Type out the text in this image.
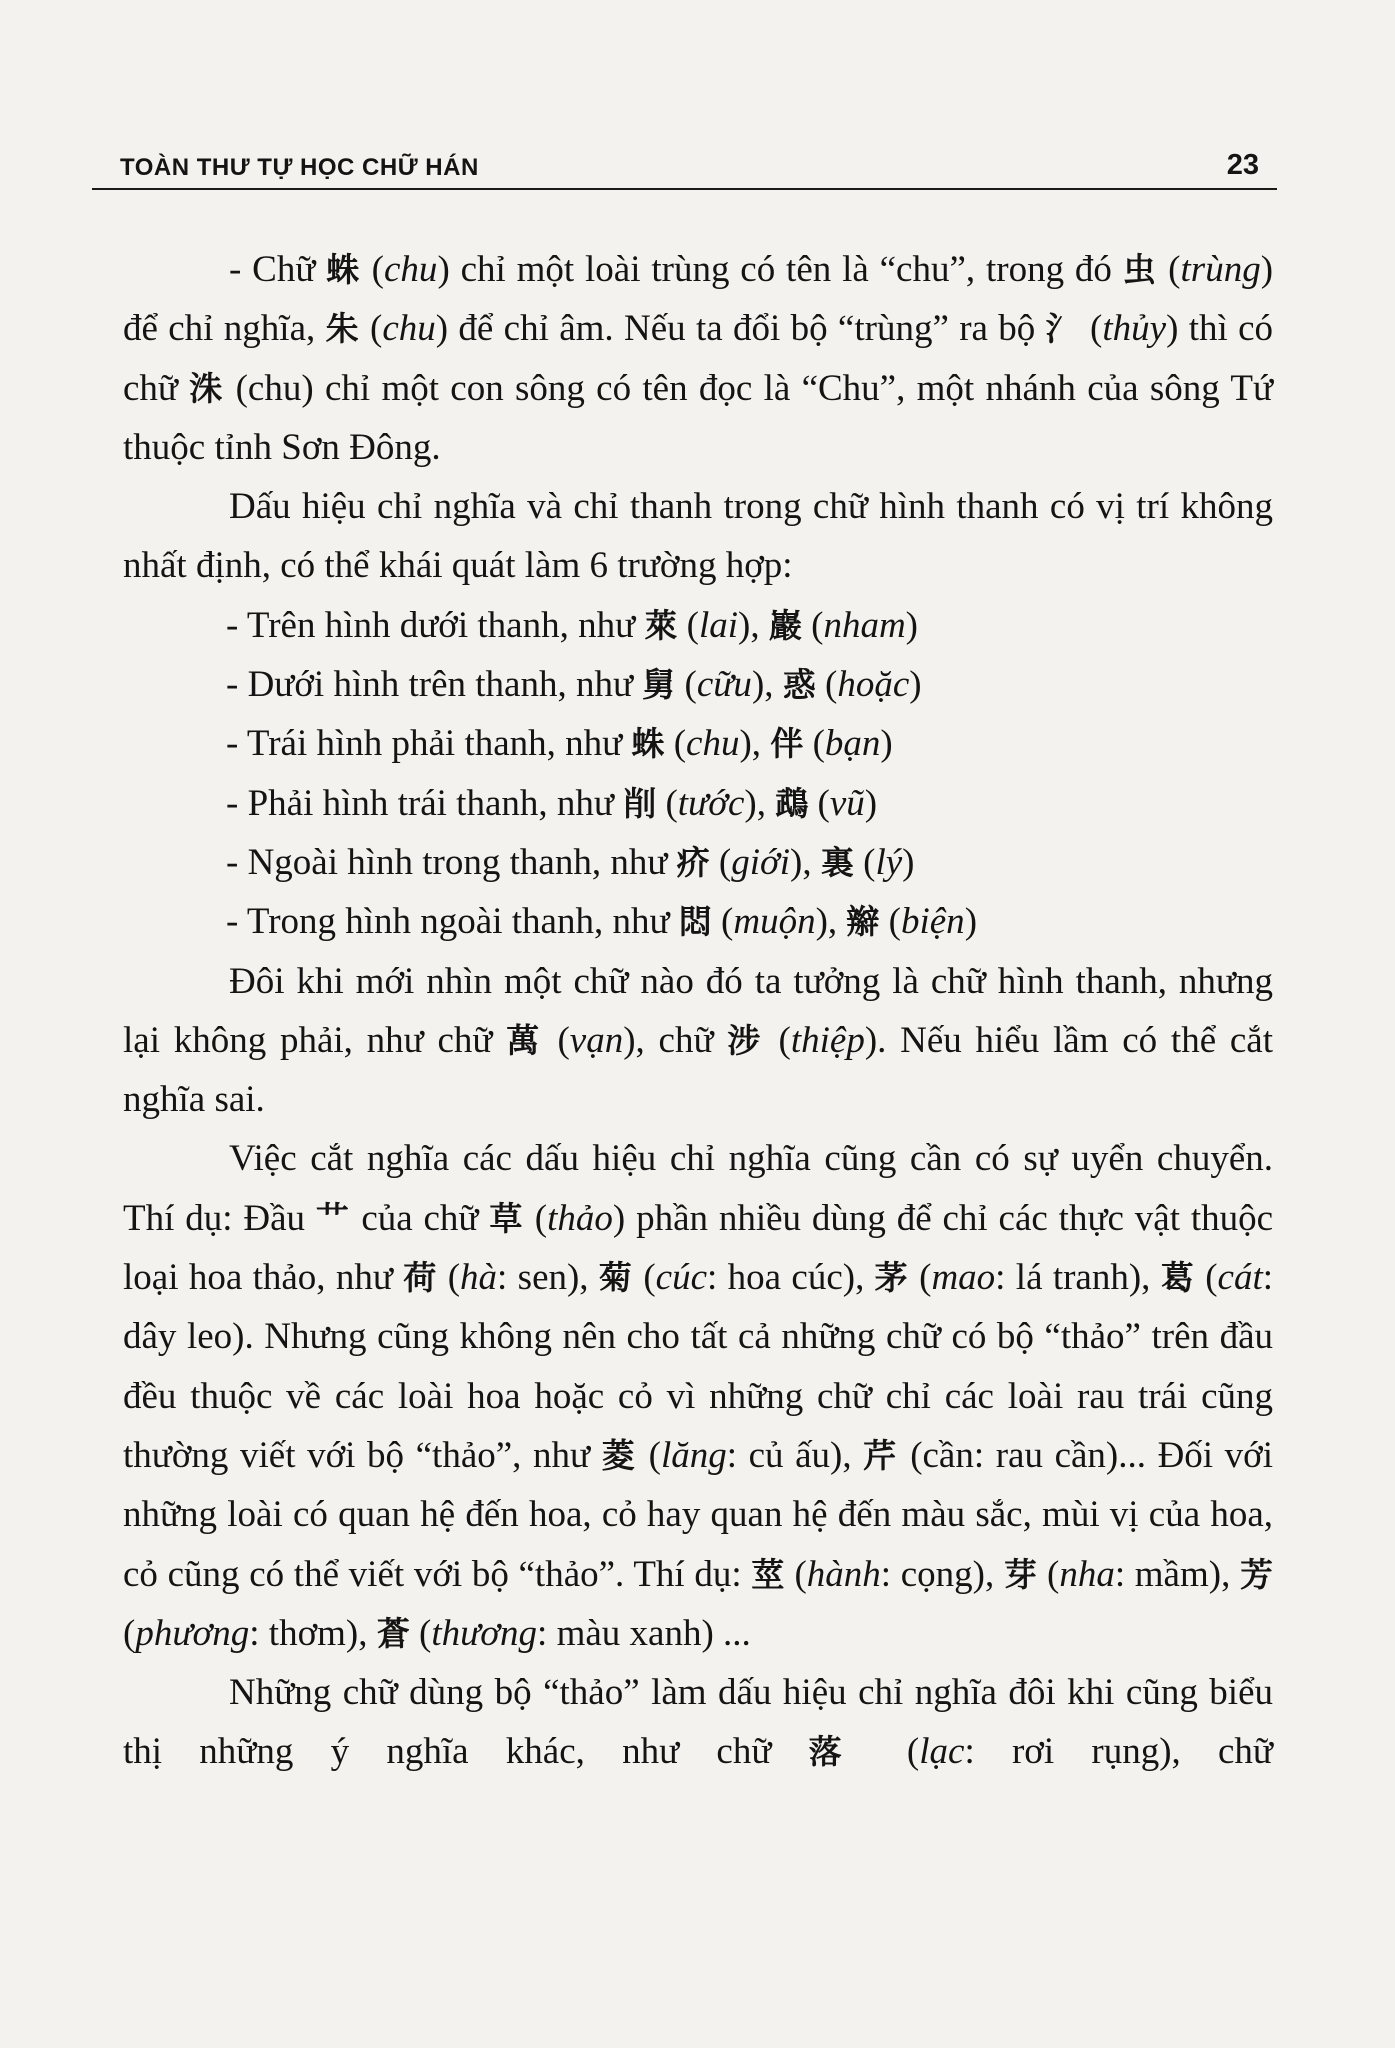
TOÀN THƯ TỰ HỌC CHỮ HÁN	23

- Chữ 蛛 (chu) chỉ một loài trùng có tên là “chu”, trong đó 虫 (trùng) để chỉ nghĩa, 朱 (chu) để chỉ âm. Nếu ta đổi bộ “trùng” ra bộ 氵 (thủy) thì có chữ 洙 (chu) chỉ một con sông có tên đọc là “Chu”, một nhánh của sông Tứ thuộc tỉnh Sơn Đông.

Dấu hiệu chỉ nghĩa và chỉ thanh trong chữ hình thanh có vị trí không nhất định, có thể khái quát làm 6 trường hợp:

- Trên hình dưới thanh, như 萊 (lai), 巖 (nham)

- Dưới hình trên thanh, như 舅 (cữu), 惑 (hoặc)

- Trái hình phải thanh, như 蛛 (chu), 伴 (bạn)

- Phải hình trái thanh, như 削 (tước), 鵡 (vũ)

- Ngoài hình trong thanh, như 疥 (giới), 裏 (lý)

- Trong hình ngoài thanh, như 悶 (muộn), 辮 (biện)

Đôi khi mới nhìn một chữ nào đó ta tưởng là chữ hình thanh, nhưng lại không phải, như chữ 萬 (vạn), chữ 涉 (thiệp). Nếu hiểu lầm có thể cắt nghĩa sai.

Việc cắt nghĩa các dấu hiệu chỉ nghĩa cũng cần có sự uyển chuyển. Thí dụ: Đầu 艹 của chữ 草 (thảo) phần nhiều dùng để chỉ các thực vật thuộc loại hoa thảo, như 荷 (hà: sen), 菊 (cúc: hoa cúc), 茅 (mao: lá tranh), 葛 (cát: dây leo). Nhưng cũng không nên cho tất cả những chữ có bộ “thảo” trên đầu đều thuộc về các loài hoa hoặc cỏ vì những chữ chỉ các loài rau trái cũng thường viết với bộ “thảo”, như 菱 (lăng: củ ấu), 芹 (cần: rau cần)... Đối với những loài có quan hệ đến hoa, cỏ hay quan hệ đến màu sắc, mùi vị của hoa, cỏ cũng có thể viết với bộ “thảo”. Thí dụ: 莖 (hành: cọng), 芽 (nha: mầm), 芳 (phương: thơm), 蒼 (thương: màu xanh) ...

Những chữ dùng bộ “thảo” làm dấu hiệu chỉ nghĩa đôi khi cũng biểu thị những ý nghĩa khác, như chữ 落 (lạc: rơi rụng), chữ
